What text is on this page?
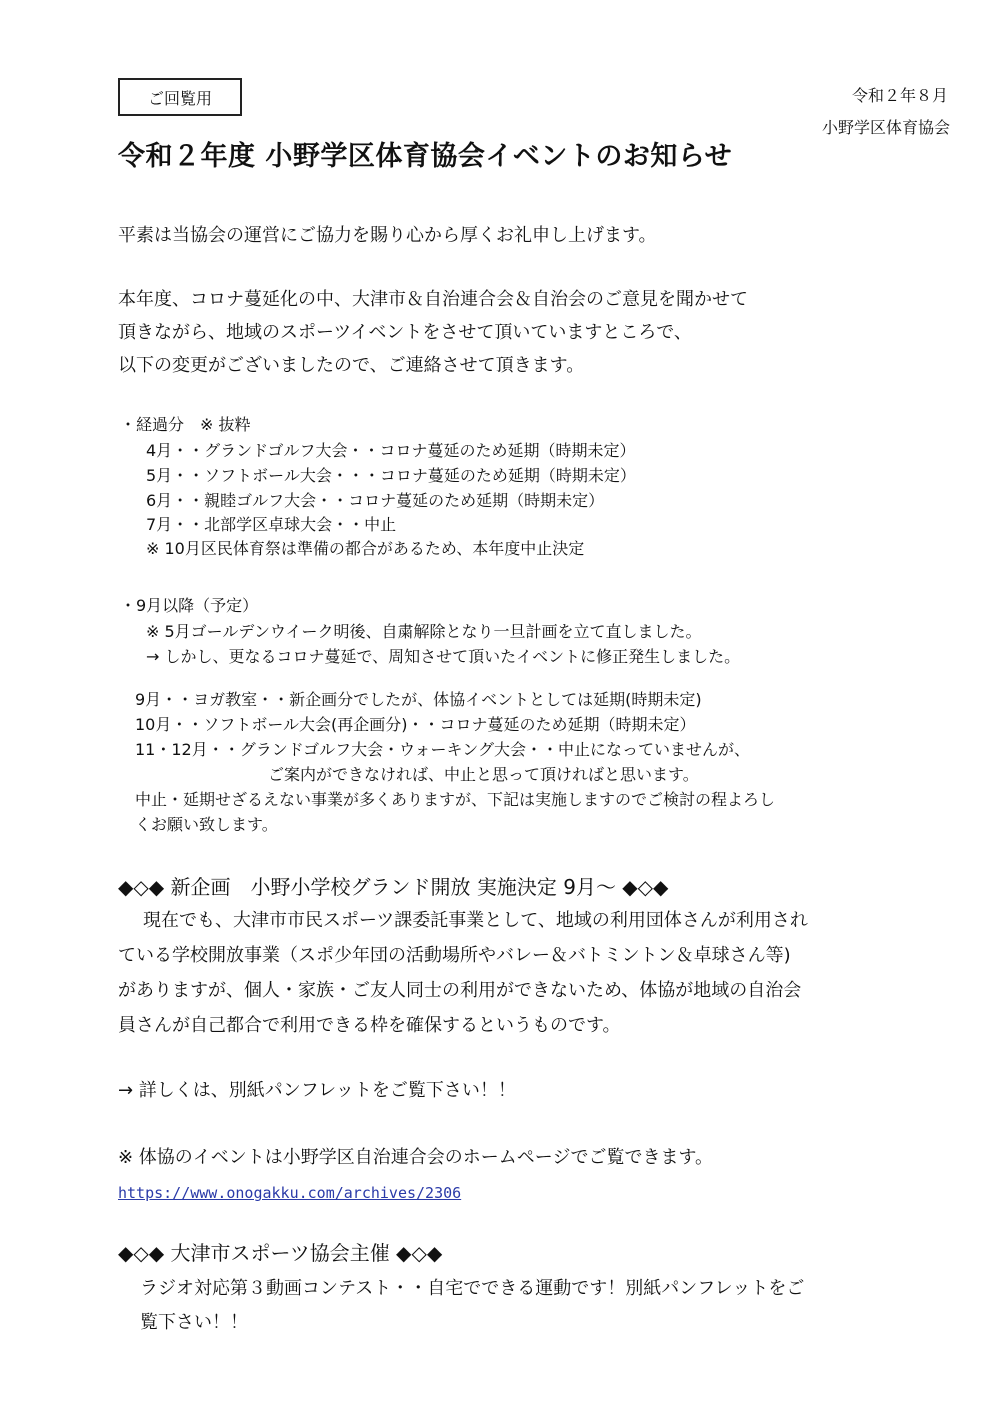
ご回覧用	令和２年８月
小野学区体育協会
令和２年度 小野学区体育協会イベントのお知らせ
平素は当協会の運営にご協力を賜り心から厚くお礼申し上げます。
本年度、コロナ蔓延化の中、大津市＆自治連合会＆自治会のご意見を聞かせて
頂きながら、地域のスポーツイベントをさせて頂いていますところで、
以下の変更がございましたので、ご連絡させて頂きます。
・経過分　※ 抜粋
4月・・グランドゴルフ大会・・コロナ蔓延のため延期（時期未定）
5月・・ソフトボール大会・・・コロナ蔓延のため延期（時期未定）
6月・・親睦ゴルフ大会・・コロナ蔓延のため延期（時期未定）
7月・・北部学区卓球大会・・中止
※ 10月区民体育祭は準備の都合があるため、本年度中止決定
・9月以降（予定）
※ 5月ゴールデンウイーク明後、自粛解除となり一旦計画を立て直しました。
→ しかし、更なるコロナ蔓延で、周知させて頂いたイベントに修正発生しました。
9月・・ヨガ教室・・新企画分でしたが、体協イベントとしては延期(時期未定)
10月・・ソフトボール大会(再企画分)・・コロナ蔓延のため延期（時期未定）
11・12月・・グランドゴルフ大会・ウォーキング大会・・中止になっていませんが、
ご案内ができなければ、中止と思って頂ければと思います。
中止・延期せざるえない事業が多くありますが、下記は実施しますのでご検討の程よろし
くお願い致します。
◆◇◆ 新企画　小野小学校グランド開放 実施決定 9月～ ◆◇◆
現在でも、大津市市民スポーツ課委託事業として、地域の利用団体さんが利用され
ている学校開放事業（スポ少年団の活動場所やバレー＆バトミントン＆卓球さん等)
がありますが、個人・家族・ご友人同士の利用ができないため、体協が地域の自治会
員さんが自己都合で利用できる枠を確保するというものです。
→ 詳しくは、別紙パンフレットをご覧下さい！！
※ 体協のイベントは小野学区自治連合会のホームページでご覧できます。
https://www.onogakku.com/archives/2306
◆◇◆ 大津市スポーツ協会主催 ◆◇◆
ラジオ対応第３動画コンテスト・・自宅でできる運動です！別紙パンフレットをご
覧下さい！！
